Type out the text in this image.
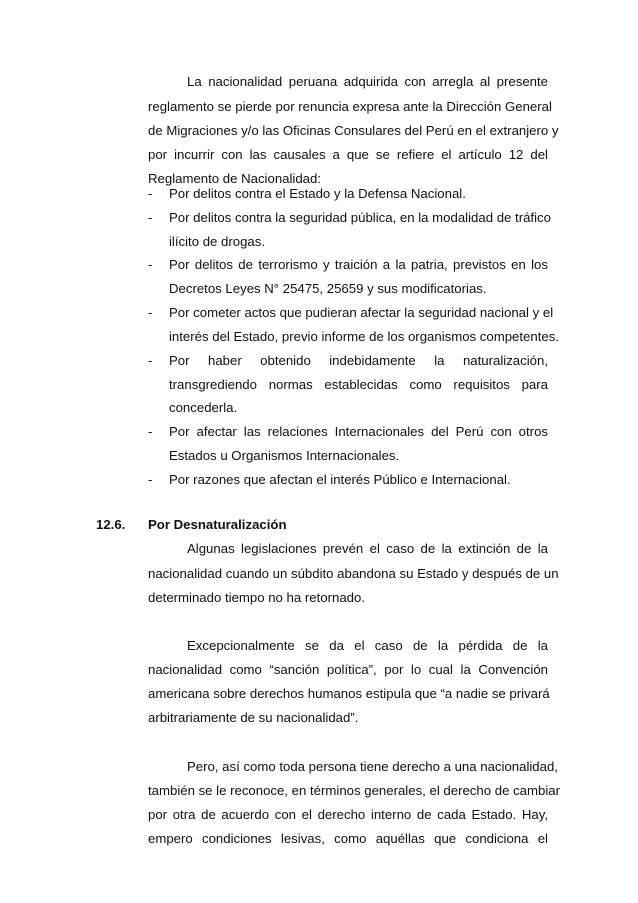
La nacionalidad peruana adquirida con arregla al presente
reglamento se pierde por renuncia expresa ante la Dirección General
de Migraciones y/o las Oficinas Consulares del Perú en el extranjero y
por incurrir con las causales a que se refiere el artículo 12 del
Reglamento de Nacionalidad:
- Por delitos contra el Estado y la Defensa Nacional.
- Por delitos contra la seguridad pública, en la modalidad de tráfico
ilícito de drogas.
- Por delitos de terrorismo y traición a la patria, previstos en los
Decretos Leyes N° 25475, 25659 y sus modificatorias.
- Por cometer actos que pudieran afectar la seguridad nacional y el
interés del Estado, previo informe de los organismos competentes.
- Por haber obtenido indebidamente la naturalización,
transgrediendo normas establecidas como requisitos para
concederla.
- Por afectar las relaciones Internacionales del Perú con otros
Estados u Organismos Internacionales.
- Por razones que afectan el interés Público e Internacional.
12.6. Por Desnaturalización
Algunas legislaciones prevén el caso de la extinción de la
nacionalidad cuando un súbdito abandona su Estado y después de un
determinado tiempo no ha retornado.
Excepcionalmente se da el caso de la pérdida de la
nacionalidad como “sanción política”, por lo cual la Convención
americana sobre derechos humanos estipula que “a nadie se privará
arbitrariamente de su nacionalidad”.
Pero, así como toda persona tiene derecho a una nacionalidad,
también se le reconoce, en términos generales, el derecho de cambiar
por otra de acuerdo con el derecho interno de cada Estado. Hay,
empero condiciones lesivas, como aquéllas que condiciona el
